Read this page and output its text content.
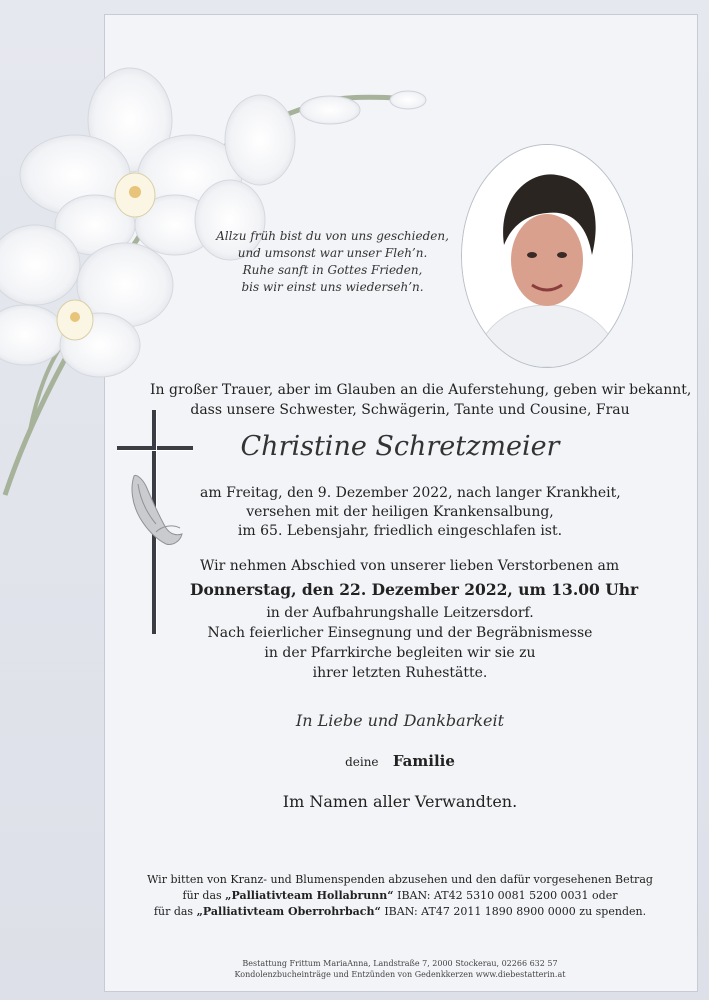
Allzu früh bist du von uns geschieden,
und umsonst war unser Fleh’n.
Ruhe sanft in Gottes Frieden,
bis wir einst uns wiederseh’n.
In großer Trauer, aber im Glauben an die Auferstehung, geben wir bekannt,
dass unsere Schwester, Schwägerin, Tante und Cousine, Frau
Christine Schretzmeier
am Freitag, den 9. Dezember 2022, nach langer Krankheit,
versehen mit der heiligen Krankensalbung,
im 65. Lebensjahr, friedlich eingeschlafen ist.
Wir nehmen Abschied von unserer lieben Verstorbenen am
Donnerstag, den 22. Dezember 2022, um 13.00 Uhr
in der Aufbahrungshalle Leitzersdorf.
Nach feierlicher Einsegnung und der Begräbnismesse
in der Pfarrkirche begleiten wir sie zu
ihrer letzten Ruhestätte.
In Liebe und Dankbarkeit
deine Familie
Im Namen aller Verwandten.
Wir bitten von Kranz- und Blumenspenden abzusehen und den dafür vorgesehenen Betrag
für das „Palliativteam Hollabrunn“ IBAN: AT42 5310 0081 5200 0031 oder
für das „Palliativteam Oberrohrbach“ IBAN: AT47 2011 1890 8900 0000 zu spenden.
Bestattung Frittum MariaAnna, Landstraße 7, 2000 Stockerau, 02266 632 57
Kondolenzbucheinträge und Entzünden von Gedenkkerzen www.diebestatterin.at
